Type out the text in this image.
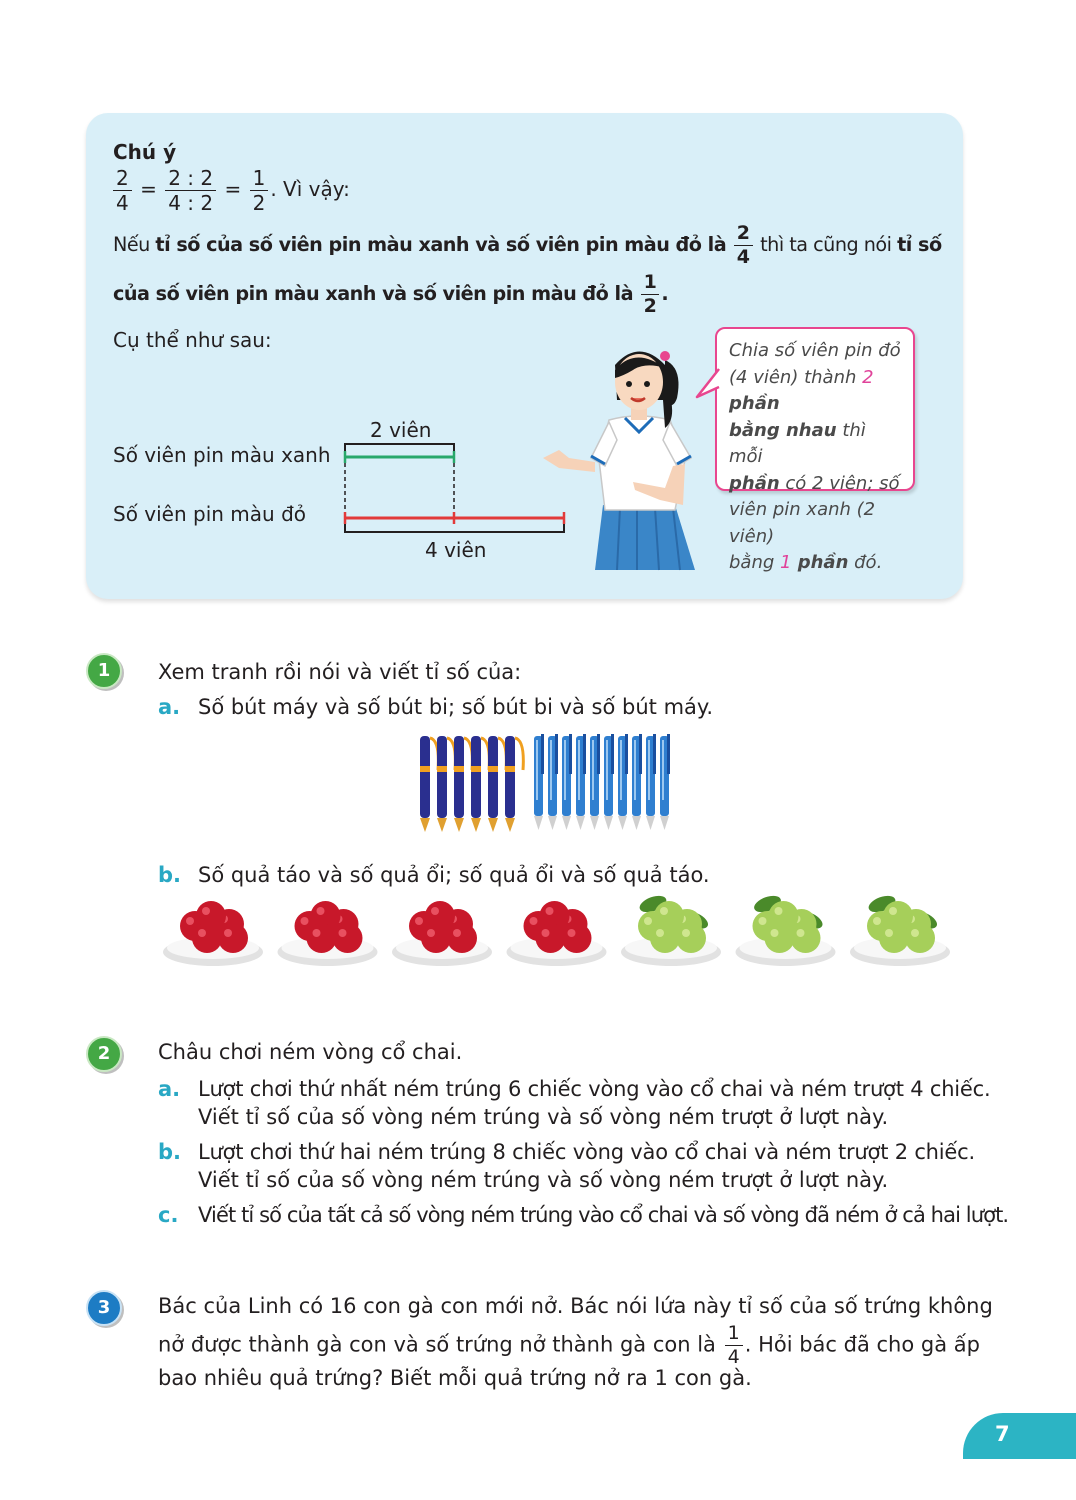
Chú ý
$\frac{2}{4} = \frac{2 : 2}{4 : 2} = \frac{1}{2}$ . Vì vậy:
Nếu tỉ số của số viên pin màu xanh và số viên pin màu đỏ là $\frac{2}{4}$ thì ta cũng nói tỉ số
của số viên pin màu xanh và số viên pin màu đỏ là $\frac{1}{2}$ .
Cụ thể như sau:
Số viên pin màu xanh
Số viên pin màu đỏ
2 viên
4 viên
Chia số viên pin đỏ
(4 viên) thành 2 phần
bằng nhau thì mỗi
phần có 2 viên; số
viên pin xanh (2 viên)
bằng 1 phần đó.
1	Xem tranh rồi nói và viết tỉ số của:
a. Số bút máy và số bút bi; số bút bi và số bút máy.
b. Số quả táo và số quả ổi; số quả ổi và số quả táo.
2	Châu chơi ném vòng cổ chai.
a. Lượt chơi thứ nhất ném trúng 6 chiếc vòng vào cổ chai và ném trượt 4 chiếc.
Viết tỉ số của số vòng ném trúng và số vòng ném trượt ở lượt này.
b. Lượt chơi thứ hai ném trúng 8 chiếc vòng vào cổ chai và ném trượt 2 chiếc.
Viết tỉ số của số vòng ném trúng và số vòng ném trượt ở lượt này.
c. Viết tỉ số của tất cả số vòng ném trúng vào cổ chai và số vòng đã ném ở cả hai lượt.
3	Bác của Linh có 16 con gà con mới nở. Bác nói lứa này tỉ số của số trứng không
nở được thành gà con và số trứng nở thành gà con là $\frac{1}{4}$ . Hỏi bác đã cho gà ấp
bao nhiêu quả trứng? Biết mỗi quả trứng nở ra 1 con gà.
7
